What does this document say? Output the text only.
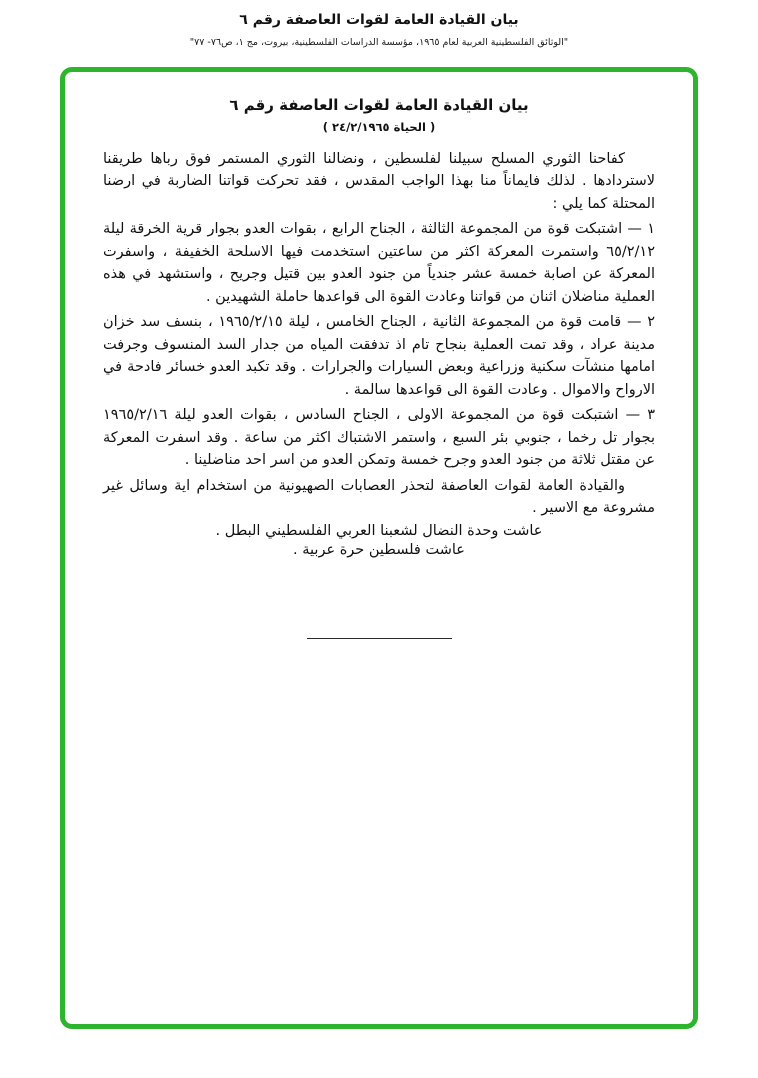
بيان القيادة العامة لقوات العاصفة رقم ٦

"الوثائق الفلسطينية العربية لعام ١٩٦٥، مؤسسة الدراسات الفلسطينية، بيروت، مج ١، ص٧٦- ٧٧"

بيان القيادة العامة لقوات العاصفة رقم ٦

( الحياة ٢٤/٢/١٩٦٥ )

كفاحنا الثوري المسلح سبيلنا لفلسطين ، ونضالنا الثوري المستمر فوق رباها طريقنا لاستردادها . لذلك فايماناً منا بهذا الواجب المقدس ، فقد تحركت قواتنا الضاربة في ارضنا المحتلة كما يلي :

١ — اشتبكت قوة من المجموعة الثالثة ، الجناح الرابع ، بقوات العدو بجوار قرية الخرقة ليلة ٦٥/٢/١٢ واستمرت المعركة اكثر من ساعتين استخدمت فيها الاسلحة الخفيفة ، واسفرت المعركة عن اصابة خمسة عشر جندياً من جنود العدو بين قتيل وجريح ، واستشهد في هذه العملية مناضلان اثنان من قواتنا وعادت القوة الى قواعدها حاملة الشهيدين .

٢ — قامت قوة من المجموعة الثانية ، الجناح الخامس ، ليلة ١٩٦٥/٢/١٥ ، بنسف سد خزان مدينة عراد ، وقد تمت العملية بنجاح تام اذ تدفقت المياه من جدار السد المنسوف وجرفت امامها منشآت سكنية وزراعية وبعض السيارات والجرارات . وقد تكبد العدو خسائر فادحة في الارواح والاموال . وعادت القوة الى قواعدها سالمة .

٣ — اشتبكت قوة من المجموعة الاولى ، الجناح السادس ، بقوات العدو ليلة ١٩٦٥/٢/١٦ بجوار تل رخما ، جنوبي بئر السبع ، واستمر الاشتباك اكثر من ساعة . وقد اسفرت المعركة عن مقتل ثلاثة من جنود العدو وجرح خمسة وتمكن العدو من اسر احد مناضلينا .

والقيادة العامة لقوات العاصفة لتحذر العصابات الصهيونية من استخدام اية وسائل غير مشروعة مع الاسير .

عاشت وحدة النضال لشعبنا العربي الفلسطيني البطل .

عاشت فلسطين حرة عربية .
